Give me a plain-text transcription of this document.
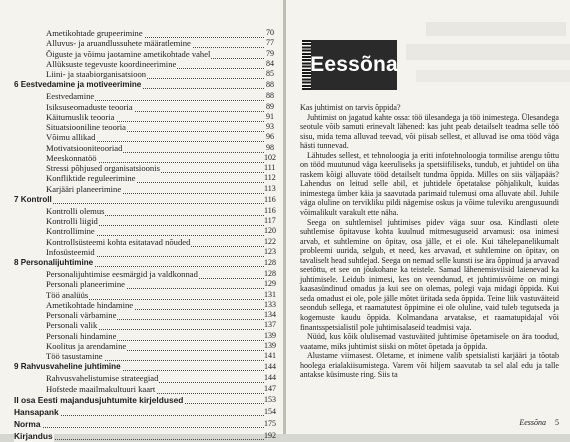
Ametikohtade grupeerimine	70
Alluvus- ja aruandlussuhete määratlemine	77
Õiguste ja võimu jaotamine ametikohtade vahel	79
Allüksuste tegevuste koordineerimine	84
Liini- ja staabiorganisatsioon	85
6 Eestvedamine ja motiveerimine	88
Eestvedamine	88
Isiksuseomaduste teooria	89
Käitumuslik teooria	91
Situatsiooniline teooria	93
Võimu allikad	96
Motivatsiooniteooriad	98
Meeskonnatöö	102
Stressi põhjused organisatsioonis	111
Konfliktide reguleerimine	112
Karjääri planeerimine	113
7 Kontroll	116
Kontrolli olemus	116
Kontrolli liigid	117
Kontrollimine	120
Kontrollsüsteemi kohta esitatavad nõuded	122
Infosüsteemid	123
8 Personalijuhtimine	128
Personalijuhtimise eesmärgid ja valdkonnad	128
Personali planeerimine	129
Töö analüüs	131
Ametikohtade hindamine	133
Personali värbamine	134
Personali valik	137
Personali hindamine	139
Koolitus ja arendamine	139
Töö tasustamine	141
9 Rahvusvaheline juhtimine	144
Rahvusvahelistumise strateegiad	144
Hofstede maailmakultuuri kaart	147
II osa Eesti majandusjuhtumite kirjeldused	153
Hansapank	154
Norma	175
Kirjandus	192
Eessõna

Kas juhtimist on tarvis õppida?

Juhtimist on jagatud kahte ossa: töö ülesandega ja töö inimestega. Ülesandega seotule võib samuti erinevalt lähened: kas juht peab detailselt teadma selle töö sisu, mida tema alluvad teevad, või piisab sellest, et alluvad ise oma tööd väga hästi tunnevad.

Lähtudes sellest, et tehnoloogia ja eriti infotehnoloogia tormilise arengu tõttu on tööd muutunud väga keeruliseks ja spetsiifiliseks, tundub, et juhtidel on üha raskem kõigi alluvate tööd detailselt tundma õppida. Milles on siis väljapääs? Lahendus on leitud selle abil, et juhtidele õpetatakse põhjalikult, kuidas inimestega ümber käia ja saavutada parimaid tulemusi oma alluvate abil. Juhile väga oluline on tervikliku pildi nägemise oskus ja võime tuleviku arengusuundi võimalikult varakult ette näha.

Seega on suhtlemisel juhtimises pidev väga suur osa. Kindlasti olete suhtlemise õpitavuse kohta kuulnud mitmesuguseid arvamusi: osa inimesi arvab, et suhtlemine on õpitav, osa jälle, et ei ole. Kui tähelepanelikumalt probleemi uurida, selgub, et need, kes arvavad, et suhtlemine on õpitav, on tavaliselt head suhtlejad. Seega on nemad selle kunsti ise ära õppinud ja arvavad seetõttu, et see on jõukohane ka teistele. Samad lähenemisviisid laienevad ka juhtimisele. Leidub inimesi, kes on veendunud, et juhtimisvõime on mingi kaasasündinud omadus ja kui see on olemas, polegi vaja midagi õppida. Kui seda omadust ei ole, pole jälle mõtet üritada seda õppida. Teine liik vastuväiteid seondub sellega, et raamatutest õppimine ei ole oluline, vaid tuleb tegutseda ja kogemuste kaudu õppida. Kolmandana arvatakse, et raamatupidajal või finantsspetsialistil pole juhtimisalaseid teadmisi vaja.

Nüüd, kus kõik olulisemad vastuväited juhtimise õpetamisele on ära toodud, vaatame, miks juhtimist siiski on mõtet õpetada ja õppida.

Alustame viimasest. Oletame, et inimene valib spetsialisti karjääri ja tõotab hoolega erialakiisumistega. Varem või hiljem saavutab ta sel alal edu ja talle antakse küsimuste ring. Siis ta

Eessõna 5
